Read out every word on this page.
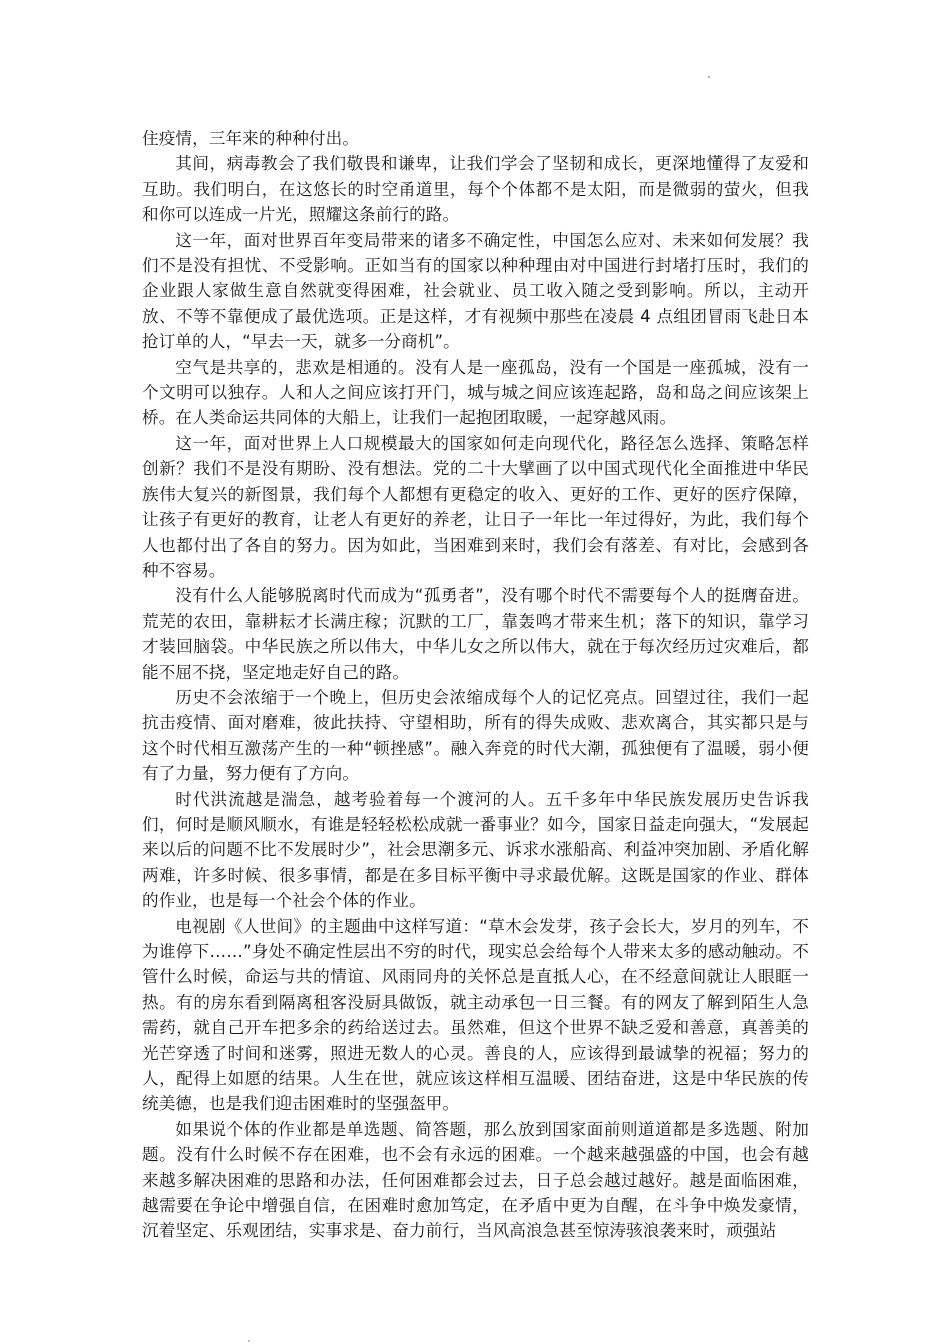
住疫情，三年来的种种付出。

其间，病毒教会了我们敬畏和谦卑，让我们学会了坚韧和成长，更深地懂得了友爱和互助。我们明白，在这悠长的时空甬道里，每个个体都不是太阳，而是微弱的萤火，但我和你可以连成一片光，照耀这条前行的路。

这一年，面对世界百年变局带来的诸多不确定性，中国怎么应对、未来如何发展？我们不是没有担忧、不受影响。正如当有的国家以种种理由对中国进行封堵打压时，我们的企业跟人家做生意自然就变得困难，社会就业、员工收入随之受到影响。所以，主动开放、不等不靠便成了最优选项。正是这样，才有视频中那些在凌晨 4 点组团冒雨飞赴日本抢订单的人，“早去一天，就多一分商机”。

空气是共享的，悲欢是相通的。没有人是一座孤岛，没有一个国是一座孤城，没有一个文明可以独存。人和人之间应该打开门，城与城之间应该连起路，岛和岛之间应该架上桥。在人类命运共同体的大船上，让我们一起抱团取暖，一起穿越风雨。

这一年，面对世界上人口规模最大的国家如何走向现代化，路径怎么选择、策略怎样创新？我们不是没有期盼、没有想法。党的二十大擘画了以中国式现代化全面推进中华民族伟大复兴的新图景，我们每个人都想有更稳定的收入、更好的工作、更好的医疗保障，让孩子有更好的教育，让老人有更好的养老，让日子一年比一年过得好，为此，我们每个人也都付出了各自的努力。因为如此，当困难到来时，我们会有落差、有对比，会感到各种不容易。

没有什么人能够脱离时代而成为“孤勇者”，没有哪个时代不需要每个人的挺膺奋进。荒芜的农田，靠耕耘才长满庄稼；沉默的工厂，靠轰鸣才带来生机；落下的知识，靠学习才装回脑袋。中华民族之所以伟大，中华儿女之所以伟大，就在于每次经历过灾难后，都能不屈不挠，坚定地走好自己的路。

历史不会浓缩于一个晚上，但历史会浓缩成每个人的记忆亮点。回望过往，我们一起抗击疫情、面对磨难，彼此扶持、守望相助，所有的得失成败、悲欢离合，其实都只是与这个时代相互激荡产生的一种“顿挫感”。融入奔竞的时代大潮，孤独便有了温暖，弱小便有了力量，努力便有了方向。

时代洪流越是湍急，越考验着每一个渡河的人。五千多年中华民族发展历史告诉我们，何时是顺风顺水，有谁是轻轻松松成就一番事业？如今，国家日益走向强大，“发展起来以后的问题不比不发展时少”，社会思潮多元、诉求水涨船高、利益冲突加剧、矛盾化解两难，许多时候、很多事情，都是在多目标平衡中寻求最优解。这既是国家的作业、群体的作业，也是每一个社会个体的作业。

电视剧《人世间》的主题曲中这样写道：“草木会发芽，孩子会长大，岁月的列车，不为谁停下……”身处不确定性层出不穷的时代，现实总会给每个人带来太多的感动触动。不管什么时候，命运与共的情谊、风雨同舟的关怀总是直抵人心，在不经意间就让人眼眶一热。有的房东看到隔离租客没厨具做饭，就主动承包一日三餐。有的网友了解到陌生人急需药，就自己开车把多余的药给送过去。虽然难，但这个世界不缺乏爱和善意，真善美的光芒穿透了时间和迷雾，照进无数人的心灵。善良的人，应该得到最诚挚的祝福；努力的人，配得上如愿的结果。人生在世，就应该这样相互温暖、团结奋进，这是中华民族的传统美德，也是我们迎击困难时的坚强盔甲。

如果说个体的作业都是单选题、简答题，那么放到国家面前则道道都是多选题、附加题。没有什么时候不存在困难，也不会有永远的困难。一个越来越强盛的中国，也会有越来越多解决困难的思路和办法，任何困难都会过去，日子总会越过越好。越是面临困难，越需要在争论中增强自信，在困难时愈加笃定，在矛盾中更为自醒，在斗争中焕发豪情，沉着坚定、乐观团结，实事求是、奋力前行，当风高浪急甚至惊涛骇浪袭来时，顽强站
